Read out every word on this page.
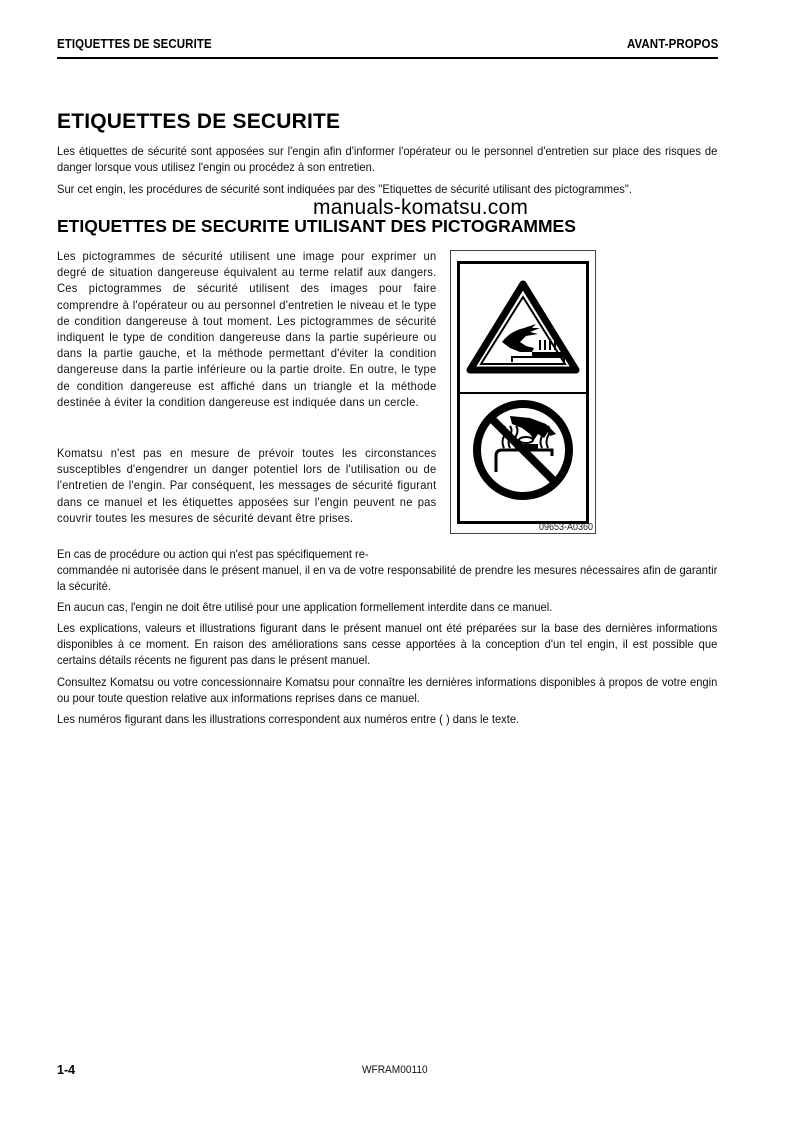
ETIQUETTES DE SECURITE	AVANT-PROPOS
ETIQUETTES DE SECURITE
Les étiquettes de sécurité sont apposées sur l'engin afin d'informer l'opérateur ou le personnel d'entretien sur place des risques de danger lorsque vous utilisez l'engin ou procédez à son entretien.
Sur cet engin, les procédures de sécurité sont indiquées par des "Etiquettes de sécurité utilisant des pictogrammes".
manuals-komatsu.com
ETIQUETTES DE SECURITE UTILISANT DES PICTOGRAMMES
Les pictogrammes de sécurité utilisent une image pour exprimer un degré de situation dangereuse équivalent au terme relatif aux dangers. Ces pictogrammes de sécurité utilisent des images pour faire comprendre à l'opérateur ou au personnel d'entretien le niveau et le type de condition dangereuse à tout moment. Les pictogrammes de sécurité indiquent le type de condition dangereuse dans la partie supérieure ou dans la partie gauche, et la méthode permettant d'éviter la condition dangereuse dans la partie inférieure ou la partie droite. En outre, le type de condition dangereuse est affiché dans un triangle et la méthode destinée à éviter la condition dangereuse est indiquée dans un cercle.
Komatsu n'est pas en mesure de prévoir toutes les circonstances susceptibles d'engendrer un danger potentiel lors de l'utilisation ou de l'entretien de l'engin. Par conséquent, les messages de sécurité figurant dans ce manuel et les étiquettes apposées sur l'engin peuvent ne pas couvrir toutes les mesures de sécurité devant être prises.
En cas de procédure ou action qui n'est pas spécifiquement re-
commandée ni autorisée dans le présent manuel, il en va de votre responsabilité de prendre les mesures nécessaires afin de garantir la sécurité.
En aucun cas, l'engin ne doit être utilisé pour une application formellement interdite dans ce manuel.
Les explications, valeurs et illustrations figurant dans le présent manuel ont été préparées sur la base des dernières informations disponibles à ce moment. En raison des améliorations sans cesse apportées à la conception d'un tel engin, il est possible que certains détails récents ne figurent pas dans le présent manuel.
Consultez Komatsu ou votre concessionnaire Komatsu pour connaître les dernières informations disponibles à propos de votre engin ou pour toute question relative aux informations reprises dans ce manuel.
Les numéros figurant dans les illustrations correspondent aux numéros entre ( ) dans le texte.
09653-A0360
1-4	WFRAM00110
